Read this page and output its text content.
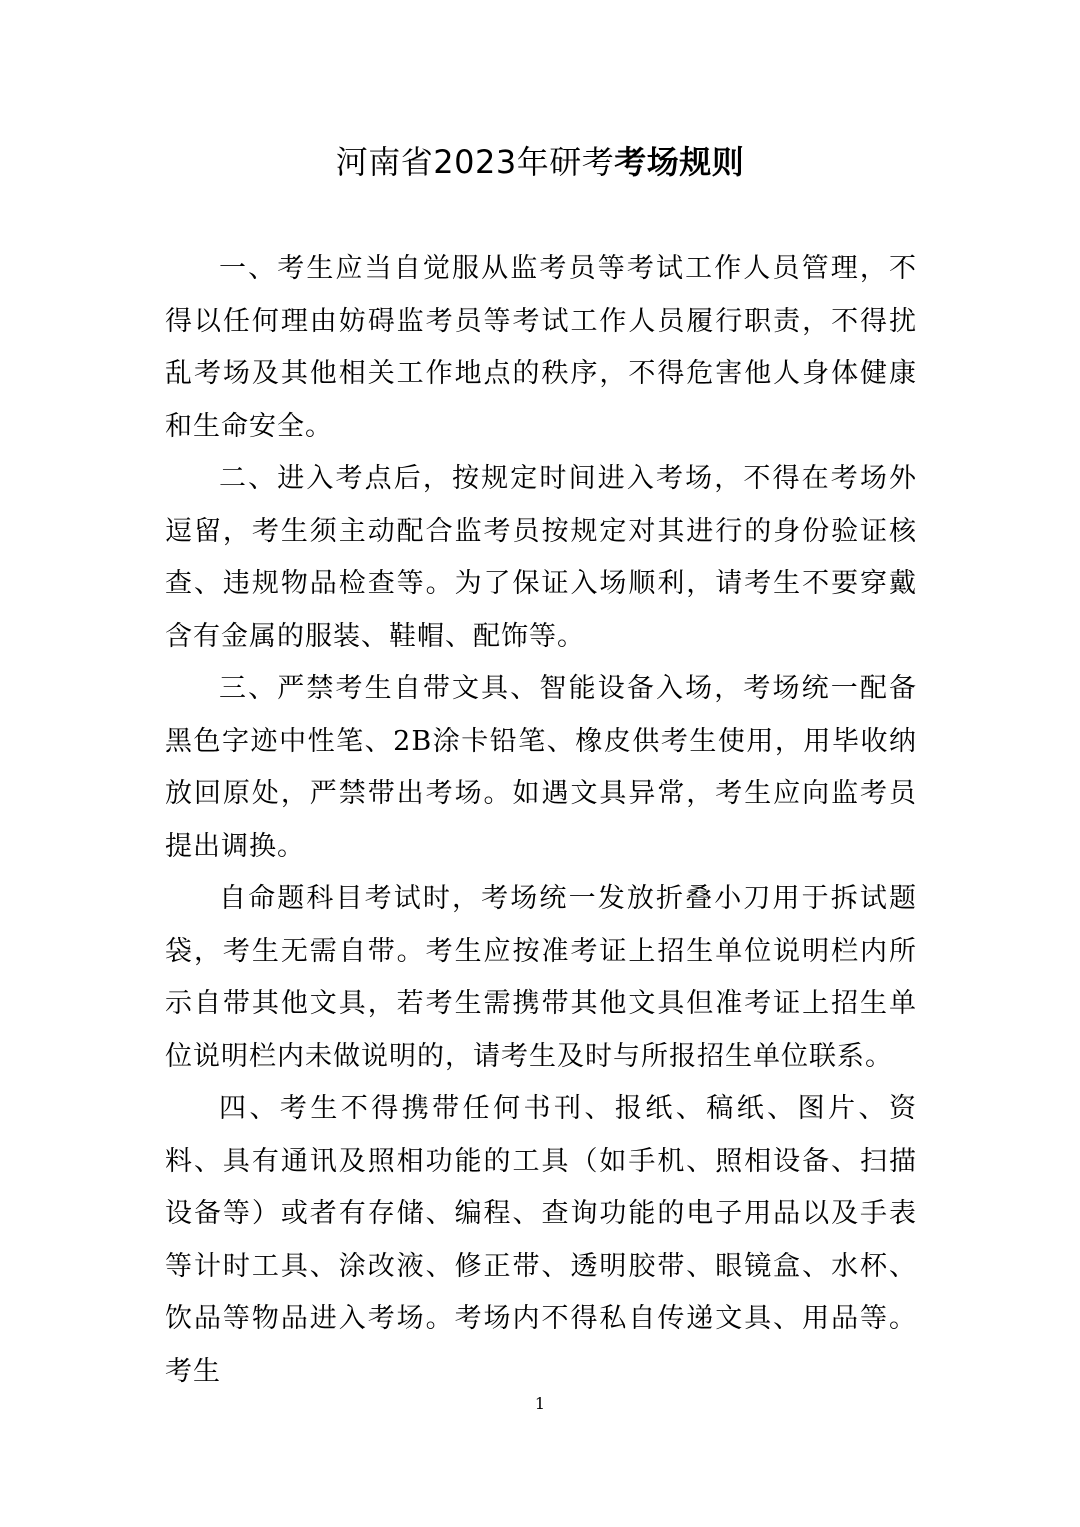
河南省2023年研考考场规则

一、考生应当自觉服从监考员等考试工作人员管理，不得以任何理由妨碍监考员等考试工作人员履行职责，不得扰乱考场及其他相关工作地点的秩序，不得危害他人身体健康和生命安全。

二、进入考点后，按规定时间进入考场，不得在考场外逗留，考生须主动配合监考员按规定对其进行的身份验证核查、违规物品检查等。为了保证入场顺利，请考生不要穿戴含有金属的服装、鞋帽、配饰等。

三、严禁考生自带文具、智能设备入场，考场统一配备黑色字迹中性笔、2B涂卡铅笔、橡皮供考生使用，用毕收纳放回原处，严禁带出考场。如遇文具异常，考生应向监考员提出调换。

自命题科目考试时，考场统一发放折叠小刀用于拆试题袋，考生无需自带。考生应按准考证上招生单位说明栏内所示自带其他文具，若考生需携带其他文具但准考证上招生单位说明栏内未做说明的，请考生及时与所报招生单位联系。

四、考生不得携带任何书刊、报纸、稿纸、图片、资料、具有通讯及照相功能的工具（如手机、照相设备、扫描设备等）或者有存储、编程、查询功能的电子用品以及手表等计时工具、涂改液、修正带、透明胶带、眼镜盒、水杯、饮品等物品进入考场。考场内不得私自传递文具、用品等。考生

1
